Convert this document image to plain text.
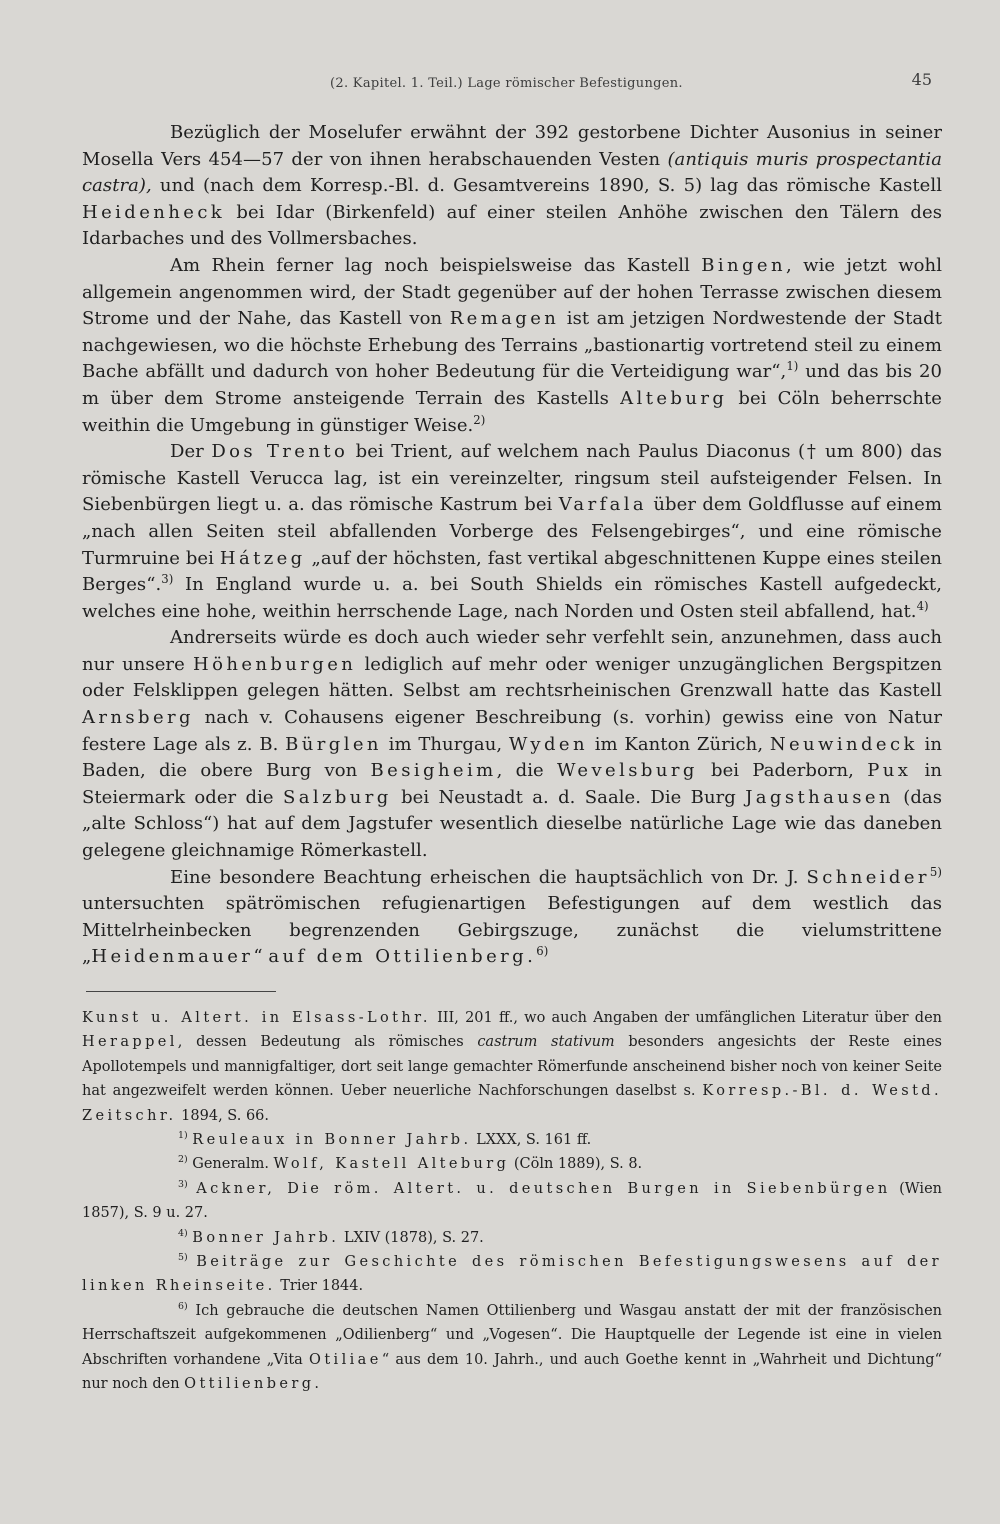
(2. Kapitel. 1. Teil.) Lage römischer Befestigungen.	45

Bezüglich der Moselufer erwähnt der 392 gestorbene Dichter Ausonius in seiner Mosella Vers 454—57 der von ihnen herabschauenden Vesten (antiquis muris prospectantia castra), und (nach dem Korresp.-Bl. d. Gesamtvereins 1890, S. 5) lag das römische Kastell Heidenheck bei Idar (Birkenfeld) auf einer steilen Anhöhe zwischen den Tälern des Idarbaches und des Vollmersbaches.

Am Rhein ferner lag noch beispielsweise das Kastell Bingen, wie jetzt wohl allgemein angenommen wird, der Stadt gegenüber auf der hohen Terrasse zwischen diesem Strome und der Nahe, das Kastell von Remagen ist am jetzigen Nordwestende der Stadt nachgewiesen, wo die höchste Erhebung des Terrains „bastionartig vortretend steil zu einem Bache abfällt und dadurch von hoher Bedeutung für die Verteidigung war“,$^{1)}$ und das bis 20 m über dem Strome ansteigende Terrain des Kastells Alteburg bei Cöln beherrschte weithin die Umgebung in günstiger Weise.$^{2)}$

Der Dos Trento bei Trient, auf welchem nach Paulus Diaconus († um 800) das römische Kastell Verucca lag, ist ein vereinzelter, ringsum steil aufsteigender Felsen. In Siebenbürgen liegt u. a. das römische Kastrum bei Varfala über dem Goldflusse auf einem „nach allen Seiten steil abfallenden Vorberge des Felsengebirges“, und eine römische Turmruine bei Hátzeg „auf der höchsten, fast vertikal abgeschnittenen Kuppe eines steilen Berges“.$^{3)}$ In England wurde u. a. bei South Shields ein römisches Kastell aufgedeckt, welches eine hohe, weithin herrschende Lage, nach Norden und Osten steil abfallend, hat.$^{4)}$

Andrerseits würde es doch auch wieder sehr verfehlt sein, anzunehmen, dass auch nur unsere Höhenburgen lediglich auf mehr oder weniger unzugänglichen Bergspitzen oder Felsklippen gelegen hätten. Selbst am rechtsrheinischen Grenzwall hatte das Kastell Arnsberg nach v. Cohausens eigener Beschreibung (s. vorhin) gewiss eine von Natur festere Lage als z. B. Bürglen im Thurgau, Wyden im Kanton Zürich, Neuwindeck in Baden, die obere Burg von Besigheim, die Wevelsburg bei Paderborn, Pux in Steiermark oder die Salzburg bei Neustadt a. d. Saale. Die Burg Jagsthausen (das „alte Schloss“) hat auf dem Jagstufer wesentlich dieselbe natürliche Lage wie das daneben gelegene gleichnamige Römerkastell.

Eine besondere Beachtung erheischen die hauptsächlich von Dr. J. Schneider$^{5)}$ untersuchten spätrömischen refugienartigen Befestigungen auf dem westlich das Mittelrheinbecken begrenzenden Gebirgszuge, zunächst die vielumstrittene „Heidenmauer“ auf dem Ottilienberg.$^{6)}$

Kunst u. Altert. in Elsass-Lothr. III, 201 ff., wo auch Angaben der umfänglichen Literatur über den Herappel, dessen Bedeutung als römisches castrum stativum besonders angesichts der Reste eines Apollotempels und mannigfaltiger, dort seit lange gemachter Römerfunde anscheinend bisher noch von keiner Seite hat angezweifelt werden können. Ueber neuerliche Nachforschungen daselbst s. Korresp.-Bl. d. Westd. Zeitschr. 1894, S. 66.

$^{1)}$ Reuleaux in Bonner Jahrb. LXXX, S. 161 ff.

$^{2)}$ Generalm. Wolf, Kastell Alteburg (Cöln 1889), S. 8.

$^{3)}$ Ackner, Die röm. Altert. u. deutschen Burgen in Siebenbürgen (Wien 1857), S. 9 u. 27.

$^{4)}$ Bonner Jahrb. LXIV (1878), S. 27.

$^{5)}$ Beiträge zur Geschichte des römischen Befestigungswesens auf der linken Rheinseite. Trier 1844.

$^{6)}$ Ich gebrauche die deutschen Namen Ottilienberg und Wasgau anstatt der mit der französischen Herrschaftszeit aufgekommenen „Odilienberg“ und „Vogesen“. Die Hauptquelle der Legende ist eine in vielen Abschriften vorhandene „Vita Otiliae“ aus dem 10. Jahrh., und auch Goethe kennt in „Wahrheit und Dichtung“ nur noch den Ottilienberg.
